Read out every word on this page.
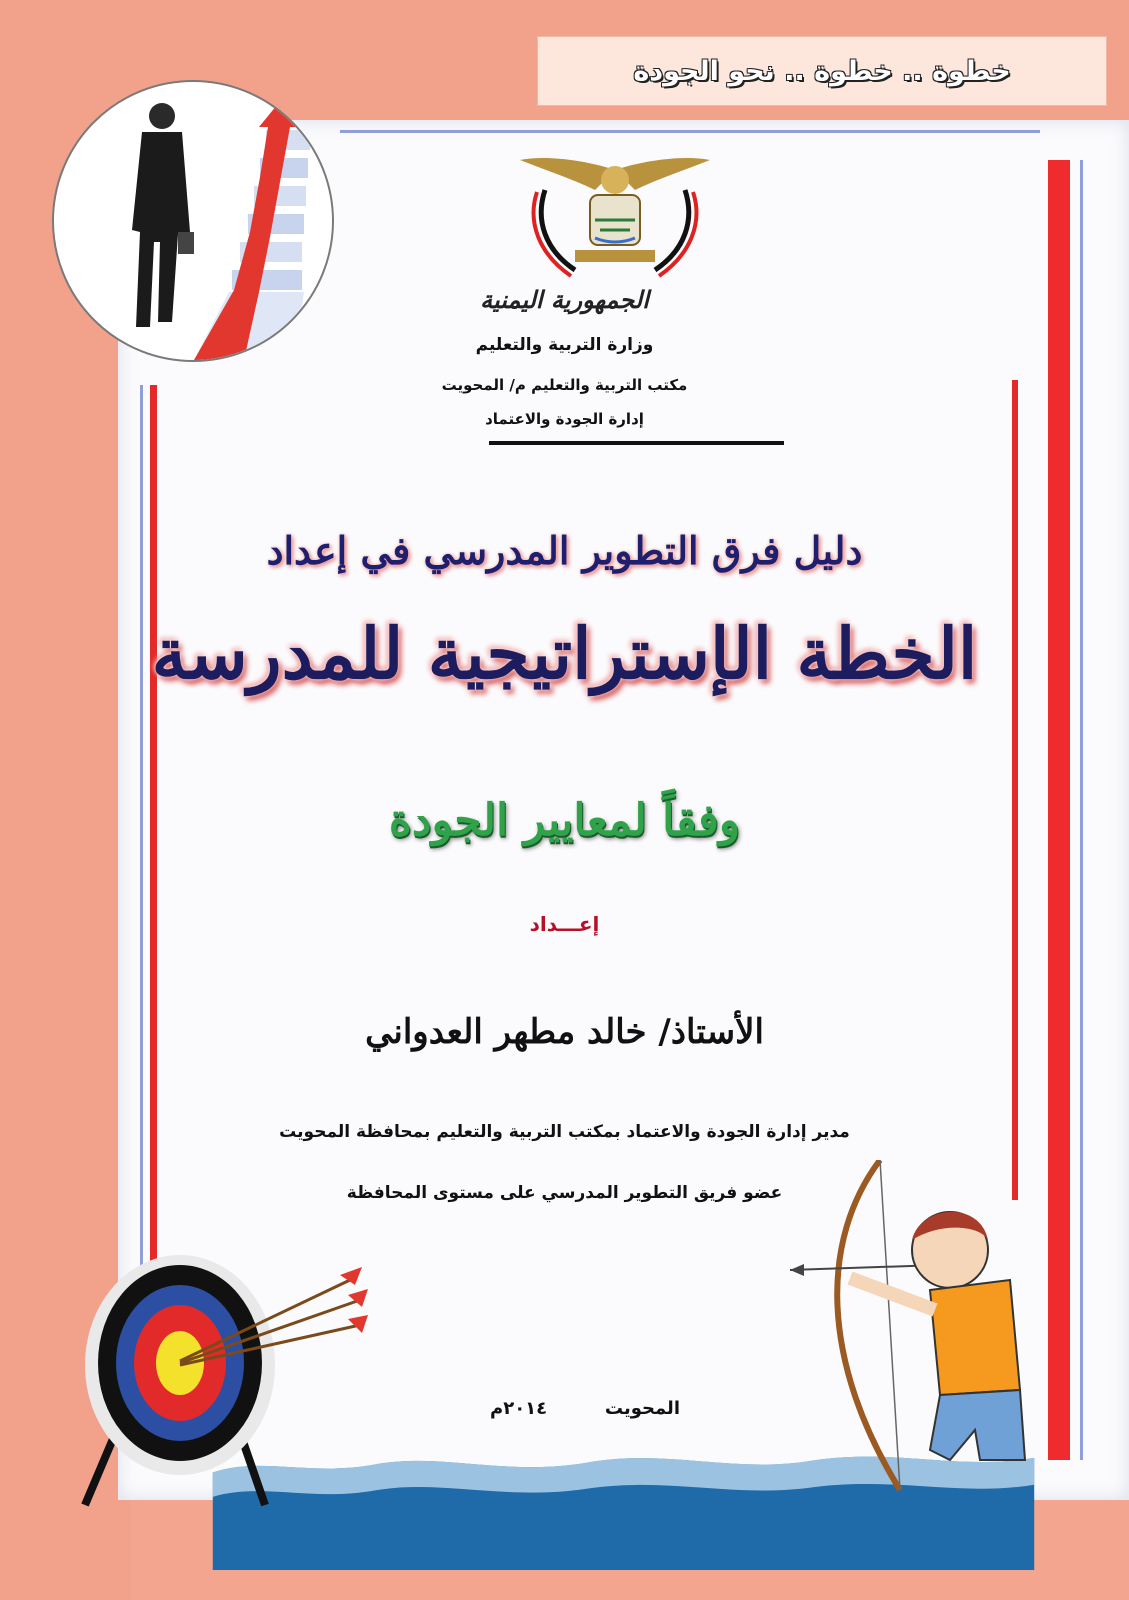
خطوة .. خطوة .. نحو الجودة
الجمهورية اليمنية
وزارة التربية والتعليم
مكتب التربية والتعليم م/ المحويت
إدارة الجودة والاعتماد
دليل فرق التطوير المدرسي في إعداد
الخطة الإستراتيجية للمدرسة
وفقاً لمعايير الجودة
إعـــداد
الأستاذ/ خالد مطهر العدواني
مدير إدارة الجودة والاعتماد بمكتب التربية والتعليم بمحافظة المحويت
عضو فريق التطوير المدرسي على مستوى المحافظة
المحويت
٢٠١٤م
